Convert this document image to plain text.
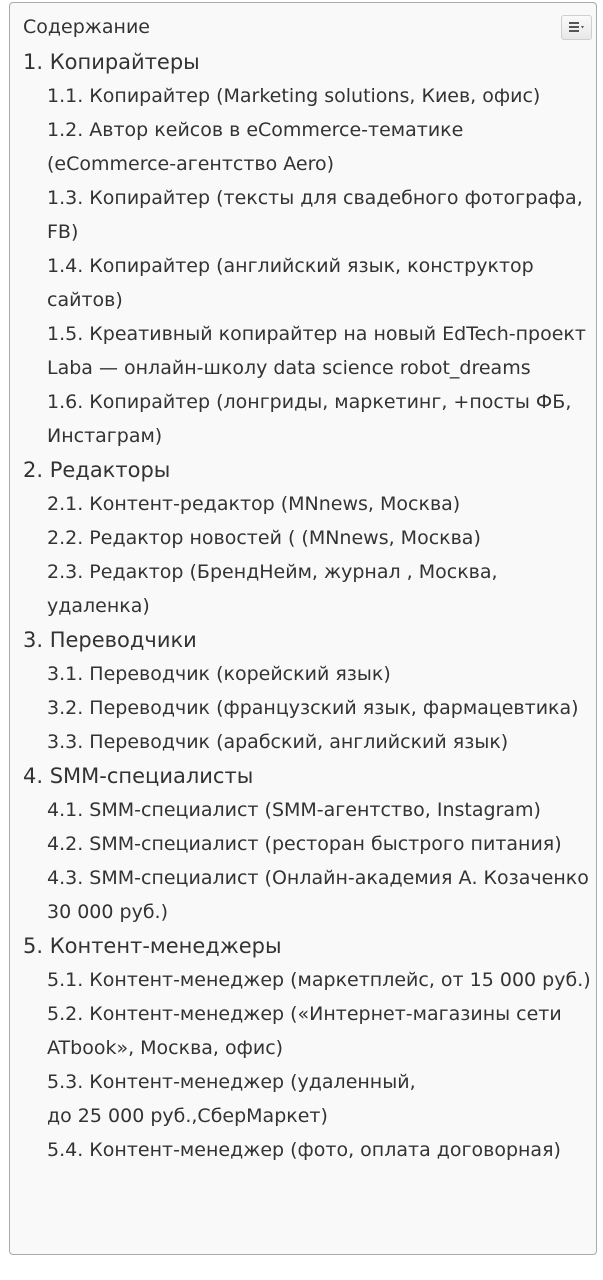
Содержание
1. Копирайтеры
1.1. Копирайтер (Marketing solutions, Киев, офис)
1.2. Автор кейсов в eCommerce-тематике (eCommerce-агентство Aero)
1.3. Копирайтер (тексты для свадебного фотографа, FB)
1.4. Копирайтер (английский язык, конструктор сайтов)
1.5. Креативный копирайтер на новый EdTech-проект Laba — онлайн-школу data science robot_dreams
1.6. Копирайтер (лонгриды, маркетинг, +посты ФБ, Инстаграм)
2. Редакторы
2.1. Контент-редактор (MNnews, Москва)
2.2. Редактор новостей ( (MNnews, Москва)
2.3. Редактор (БрендНейм, журнал , Москва, удаленка)
3. Переводчики
3.1. Переводчик (корейский язык)
3.2. Переводчик (французский язык, фармацевтика)
3.3. Переводчик (арабский, английский язык)
4. SMM-специалисты
4.1. SMM-специалист (SMM-агентство, Instagram)
4.2. SMM-специалист (ресторан быстрого питания)
4.3. SMM-специалист (Онлайн-академия А. Козаченко 30 000 руб.)
5. Контент-менеджеры
5.1. Контент-менеджер (маркетплейс, от 15 000 руб.)
5.2. Контент-менеджер («Интернет-магазины сети ATbook», Москва, офис)
5.3. Контент-менеджер (удаленный,
до 25 000 руб.,СберМаркет)
5.4. Контент-менеджер (фото, оплата договорная)
